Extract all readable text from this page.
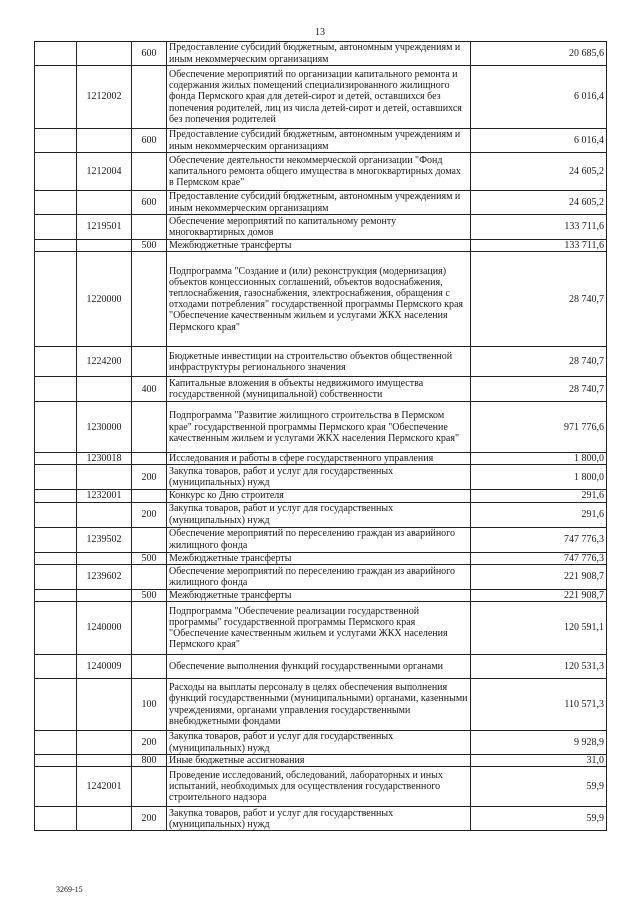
13
		600	Предоставление субсидий бюджетным, автономным учреждениям и иным некоммерческим организациям	20 685,6
	1212002		Обеспечение мероприятий по организации капитального ремонта и содержания жилых помещений специализированного жилищного фонда Пермского края для детей-сирот и детей, оставшихся без попечения родителей, лиц из числа детей-сирот и детей, оставшихся без попечения родителей	6 016,4
		600	Предоставление субсидий бюджетным, автономным учреждениям и иным некоммерческим организациям	6 016,4
	1212004		Обеспечение деятельности некоммерческой организации "Фонд капитального ремонта общего имущества в многоквартирных домах в Пермском крае"	24 605,2
		600	Предоставление субсидий бюджетным, автономным учреждениям и иным некоммерческим организациям	24 605,2
	1219501		Обеспечение мероприятий по капитальному ремонту многоквартирных домов	133 711,6
		500	Межбюджетные трансферты	133 711,6
	1220000		Подпрограмма "Создание и (или) реконструкция (модернизация) объектов концессионных соглашений, объектов водоснабжения, теплоснабжения, газоснабжения, электроснабжения, обращения с отходами потребления" государственной программы Пермского края "Обеспечение качественным жильем и услугами ЖКХ населения Пермского края"	28 740,7
	1224200		Бюджетные инвестиции на строительство объектов общественной инфраструктуры регионального значения	28 740,7
		400	Капитальные вложения в объекты недвижимого имущества государственной (муниципальной) собственности	28 740,7
	1230000		Подпрограмма "Развитие жилищного строительства в Пермском крае" государственной программы Пермского края "Обеспечение качественным жильем и услугами ЖКХ населения Пермского края"	971 776,6
	1230018		Исследования и работы в сфере государственного управления	1 800,0
		200	Закупка товаров, работ и услуг для государственных (муниципальных) нужд	1 800,0
	1232001		Конкурс ко Дню строителя	291,6
		200	Закупка товаров, работ и услуг для государственных (муниципальных) нужд	291,6
	1239502		Обеспечение мероприятий по переселению граждан из аварийного жилищного фонда	747 776,3
		500	Межбюджетные трансферты	747 776,3
	1239602		Обеспечение мероприятий по переселению граждан из аварийного жилищного фонда	221 908,7
		500	Межбюджетные трансферты	221 908,7
	1240000		Подпрограмма "Обеспечение реализации государственной программы" государственной программы Пермского края "Обеспечение качественным жильем и услугами ЖКХ населения Пермского края"	120 591,1
	1240009		Обеспечение выполнения функций государственными органами	120 531,3
		100	Расходы на выплаты персоналу в целях обеспечения выполнения функций государственными (муниципальными) органами, казенными учреждениями, органами управления государственными внебюджетными фондами	110 571,3
		200	Закупка товаров, работ и услуг для государственных (муниципальных) нужд	9 928,9
		800	Иные бюджетные ассигнования	31,0
	1242001		Проведение исследований, обследований, лабораторных и иных испытаний, необходимых для осуществления государственного строительного надзора	59,9
		200	Закупка товаров, работ и услуг для государственных (муниципальных) нужд	59,9
3269-15
